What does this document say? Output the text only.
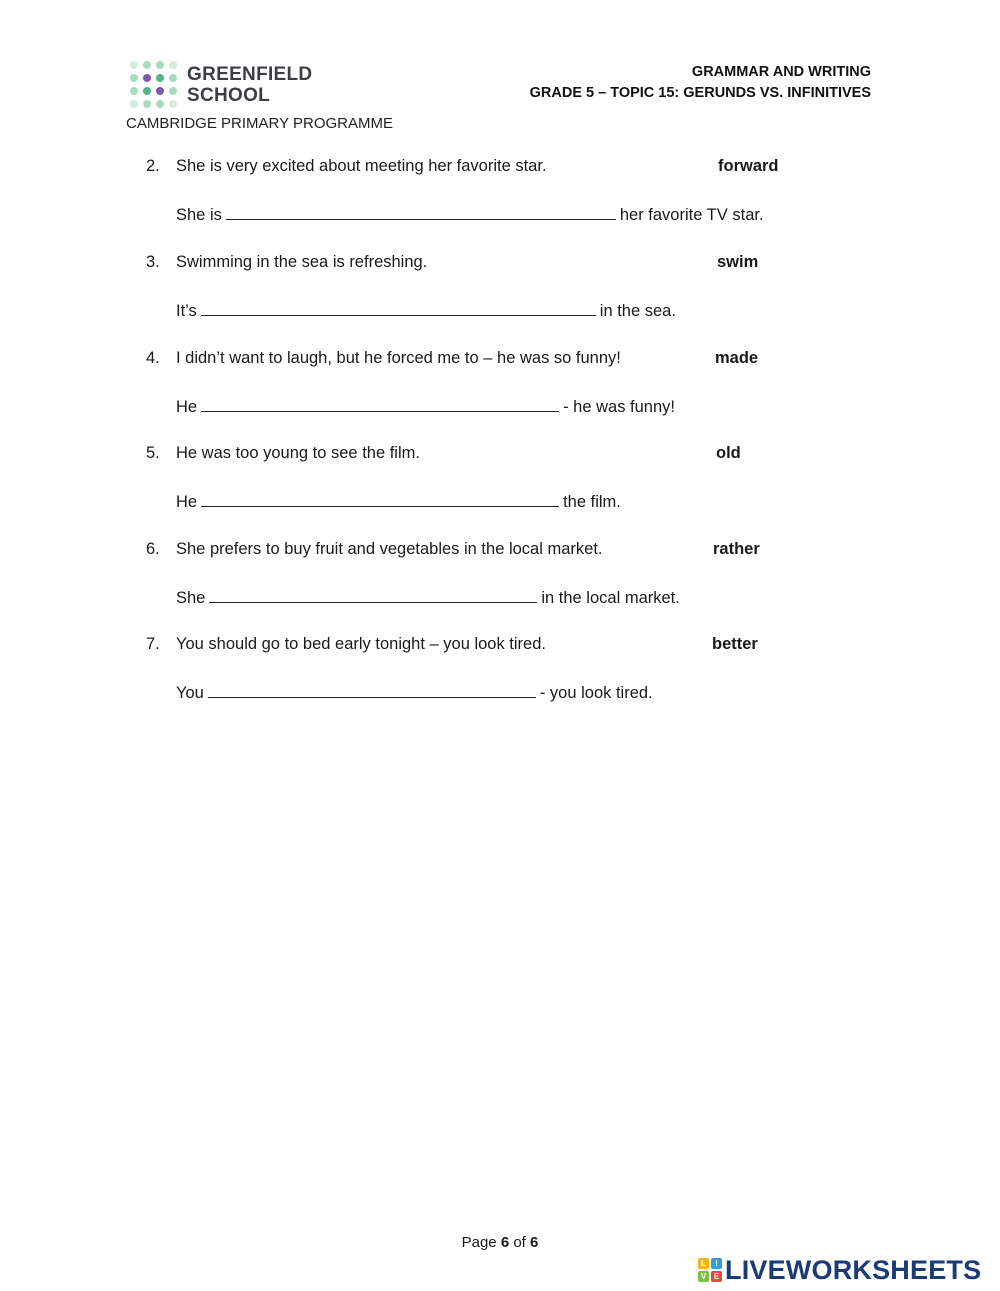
GREENFIELD
SCHOOL
CAMBRIDGE PRIMARY PROGRAMME
GRAMMAR AND WRITING
GRADE 5 – TOPIC 15: GERUNDS VS. INFINITIVES
2. She is very excited about meeting her favorite star.	forward
She is	her favorite TV star.
3. Swimming in the sea is refreshing.	swim
It’s	in the sea.
4. I didn’t want to laugh, but he forced me to – he was so funny!	made
He	- he was funny!
5. He was too young to see the film.	old
He	the film.
6. She prefers to buy fruit and vegetables in the local market.	rather
She	in the local market.
7. You should go to bed early tonight – you look tired.	better
You	- you look tired.
Page 6 of 6
L	I
V E LIVEWORKSHEETS
